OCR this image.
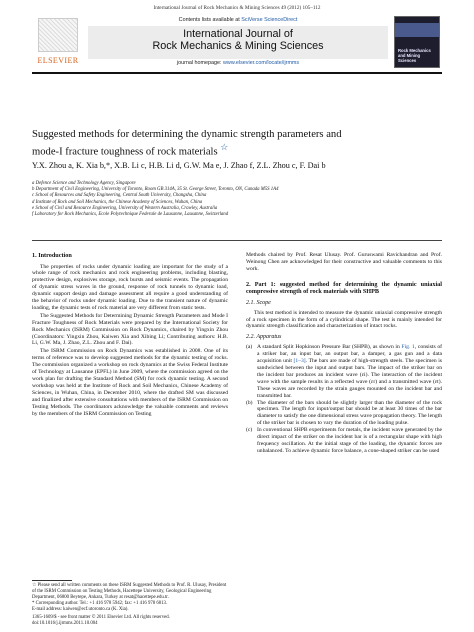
International Journal of Rock Mechanics & Mining Sciences 49 (2012) 105–112
ELSEVIER
Contents lists available at SciVerse ScienceDirect
International Journal of
Rock Mechanics & Mining Sciences
journal homepage: www.elsevier.com/locate/ijrmms
Rock Mechanics and Mining Sciences
Suggested methods for determining the dynamic strength parameters and
mode-I fracture toughness of rock materials ☆
Y.X. Zhou a, K. Xia b,*, X.B. Li c, H.B. Li d, G.W. Ma e, J. Zhao f, Z.L. Zhou c, F. Dai b
a Defence Science and Technology Agency, Singapore
b Department of Civil Engineering, University of Toronto, Room GB 314A, 35 St. George Street, Toronto, ON, Canada M5S 1A4
c School of Resources and Safety Engineering, Central South University, Changsha, China
d Institute of Rock and Soil Mechanics, the Chinese Academy of Sciences, Wuhan, China
e School of Civil and Resource Engineering, University of Western Australia, Crawley, Australia
f Laboratory for Rock Mechanics, Ecole Polytechnique Federale de Lausanne, Lausanne, Switzerland
1. Introduction

The properties of rocks under dynamic loading are important for the study of a whole range of rock mechanics and rock engineering problems, including blasting, protective design, explosives storage, rock bursts and seismic events. The propagation of dynamic stress waves in the ground, response of rock tunnels to dynamic load, dynamic support design and damage assessment all require a good understanding of the behavior of rocks under dynamic loading. Due to the transient nature of dynamic loading, the dynamic tests of rock material are very different from static tests.

The Suggested Methods for Determining Dynamic Strength Parameters and Mode I Fracture Toughness of Rock Materials were prepared by the International Society for Rock Mechanics (ISRM) Commission on Rock Dynamics, chaired by Yingxin Zhou (Coordinators: Yingxin Zhou, Kaiwen Xia and Xibing Li; Contributing authors: H.B. Li, G.W. Ma, J. Zhao, Z.L. Zhou and F. Dai).

The ISRM Commission on Rock Dynamics was established in 2008. One of its terms of reference was to develop suggested methods for the dynamic testing of rocks. The commission organized a workshop on rock dynamics at the Swiss Federal Institute of Technology at Lausanne (EPFL) in June 2009, where the commission agreed on the work plan for drafting the Standard Method (SM) for rock dynamic testing. A second workshop was held at the Institute of Rock and Soil Mechanics, Chinese Academy of Sciences, in Wuhan, China, in December 2010, where the drafted SM was discussed and finalized after extensive consultations with members of the ISRM Commission on Testing Methods. The coordinators acknowledge the valuable comments and reviews by the members of the ISRM Commission on Testing

Methods chaired by Prof. Resat Ulusay. Prof. Guruswami Ravichandran and Prof. Weinong Chen are acknowledged for their constructive and valuable comments to this work.

2. Part 1: suggested method for determining the dynamic uniaxial compressive strength of rock materials with SHPB
2.1. Scope

This test method is intended to measure the dynamic uniaxial compressive strength of a rock specimen in the form of a cylindrical shape. The test is mainly intended for dynamic strength classification and characterization of intact rocks.

2.2. Apparatus
(a) A standard Split Hopkinson Pressure Bar (SHPB), as shown in Fig. 1, consists of a striker bar, an input bar, an output bar, a damper, a gas gun and a data acquisition unit [1–3]. The bars are made of high-strength steels. The specimen is sandwiched between the input and output bars. The impact of the striker bar on the incident bar produces an incident wave (εi). The interaction of the incident wave with the sample results in a reflected wave (εr) and a transmitted wave (εt). These waves are recorded by the strain gauges mounted on the incident bar and transmitted bar.
(b) The diameter of the bars should be slightly larger than the diameter of the rock specimen. The length for input/output bar should be at least 30 times of the bar diameter to satisfy the one dimensional stress wave propagation theory. The length of the striker bar is chosen to vary the duration of the loading pulse.
(c) In conventional SHPB experiments for metals, the incident wave generated by the direct impact of the striker on the incident bar is of a rectangular shape with high frequency oscillation. At the initial stage of the loading, the dynamic forces are unbalanced. To achieve dynamic force balance, a cone-shaped striker can be used
☆ Please send all written comments on these ISRM Suggested Methods to Prof. R. Ulusay, President of the ISRM Commission on Testing Methods, Hacettepe University, Geological Engineering Department, 06800 Beytepe, Ankara, Turkey at resat@hacettepe.edu.tr.
* Corresponding author. Tel.: +1 416 978 5942; fax: +1 416 978 6813.
E-mail address: kaiwen@ecf.utoronto.ca (K. Xia).
1365-1609/$ - see front matter © 2011 Elsevier Ltd. All rights reserved.
doi:10.1016/j.ijrmms.2011.10.004
